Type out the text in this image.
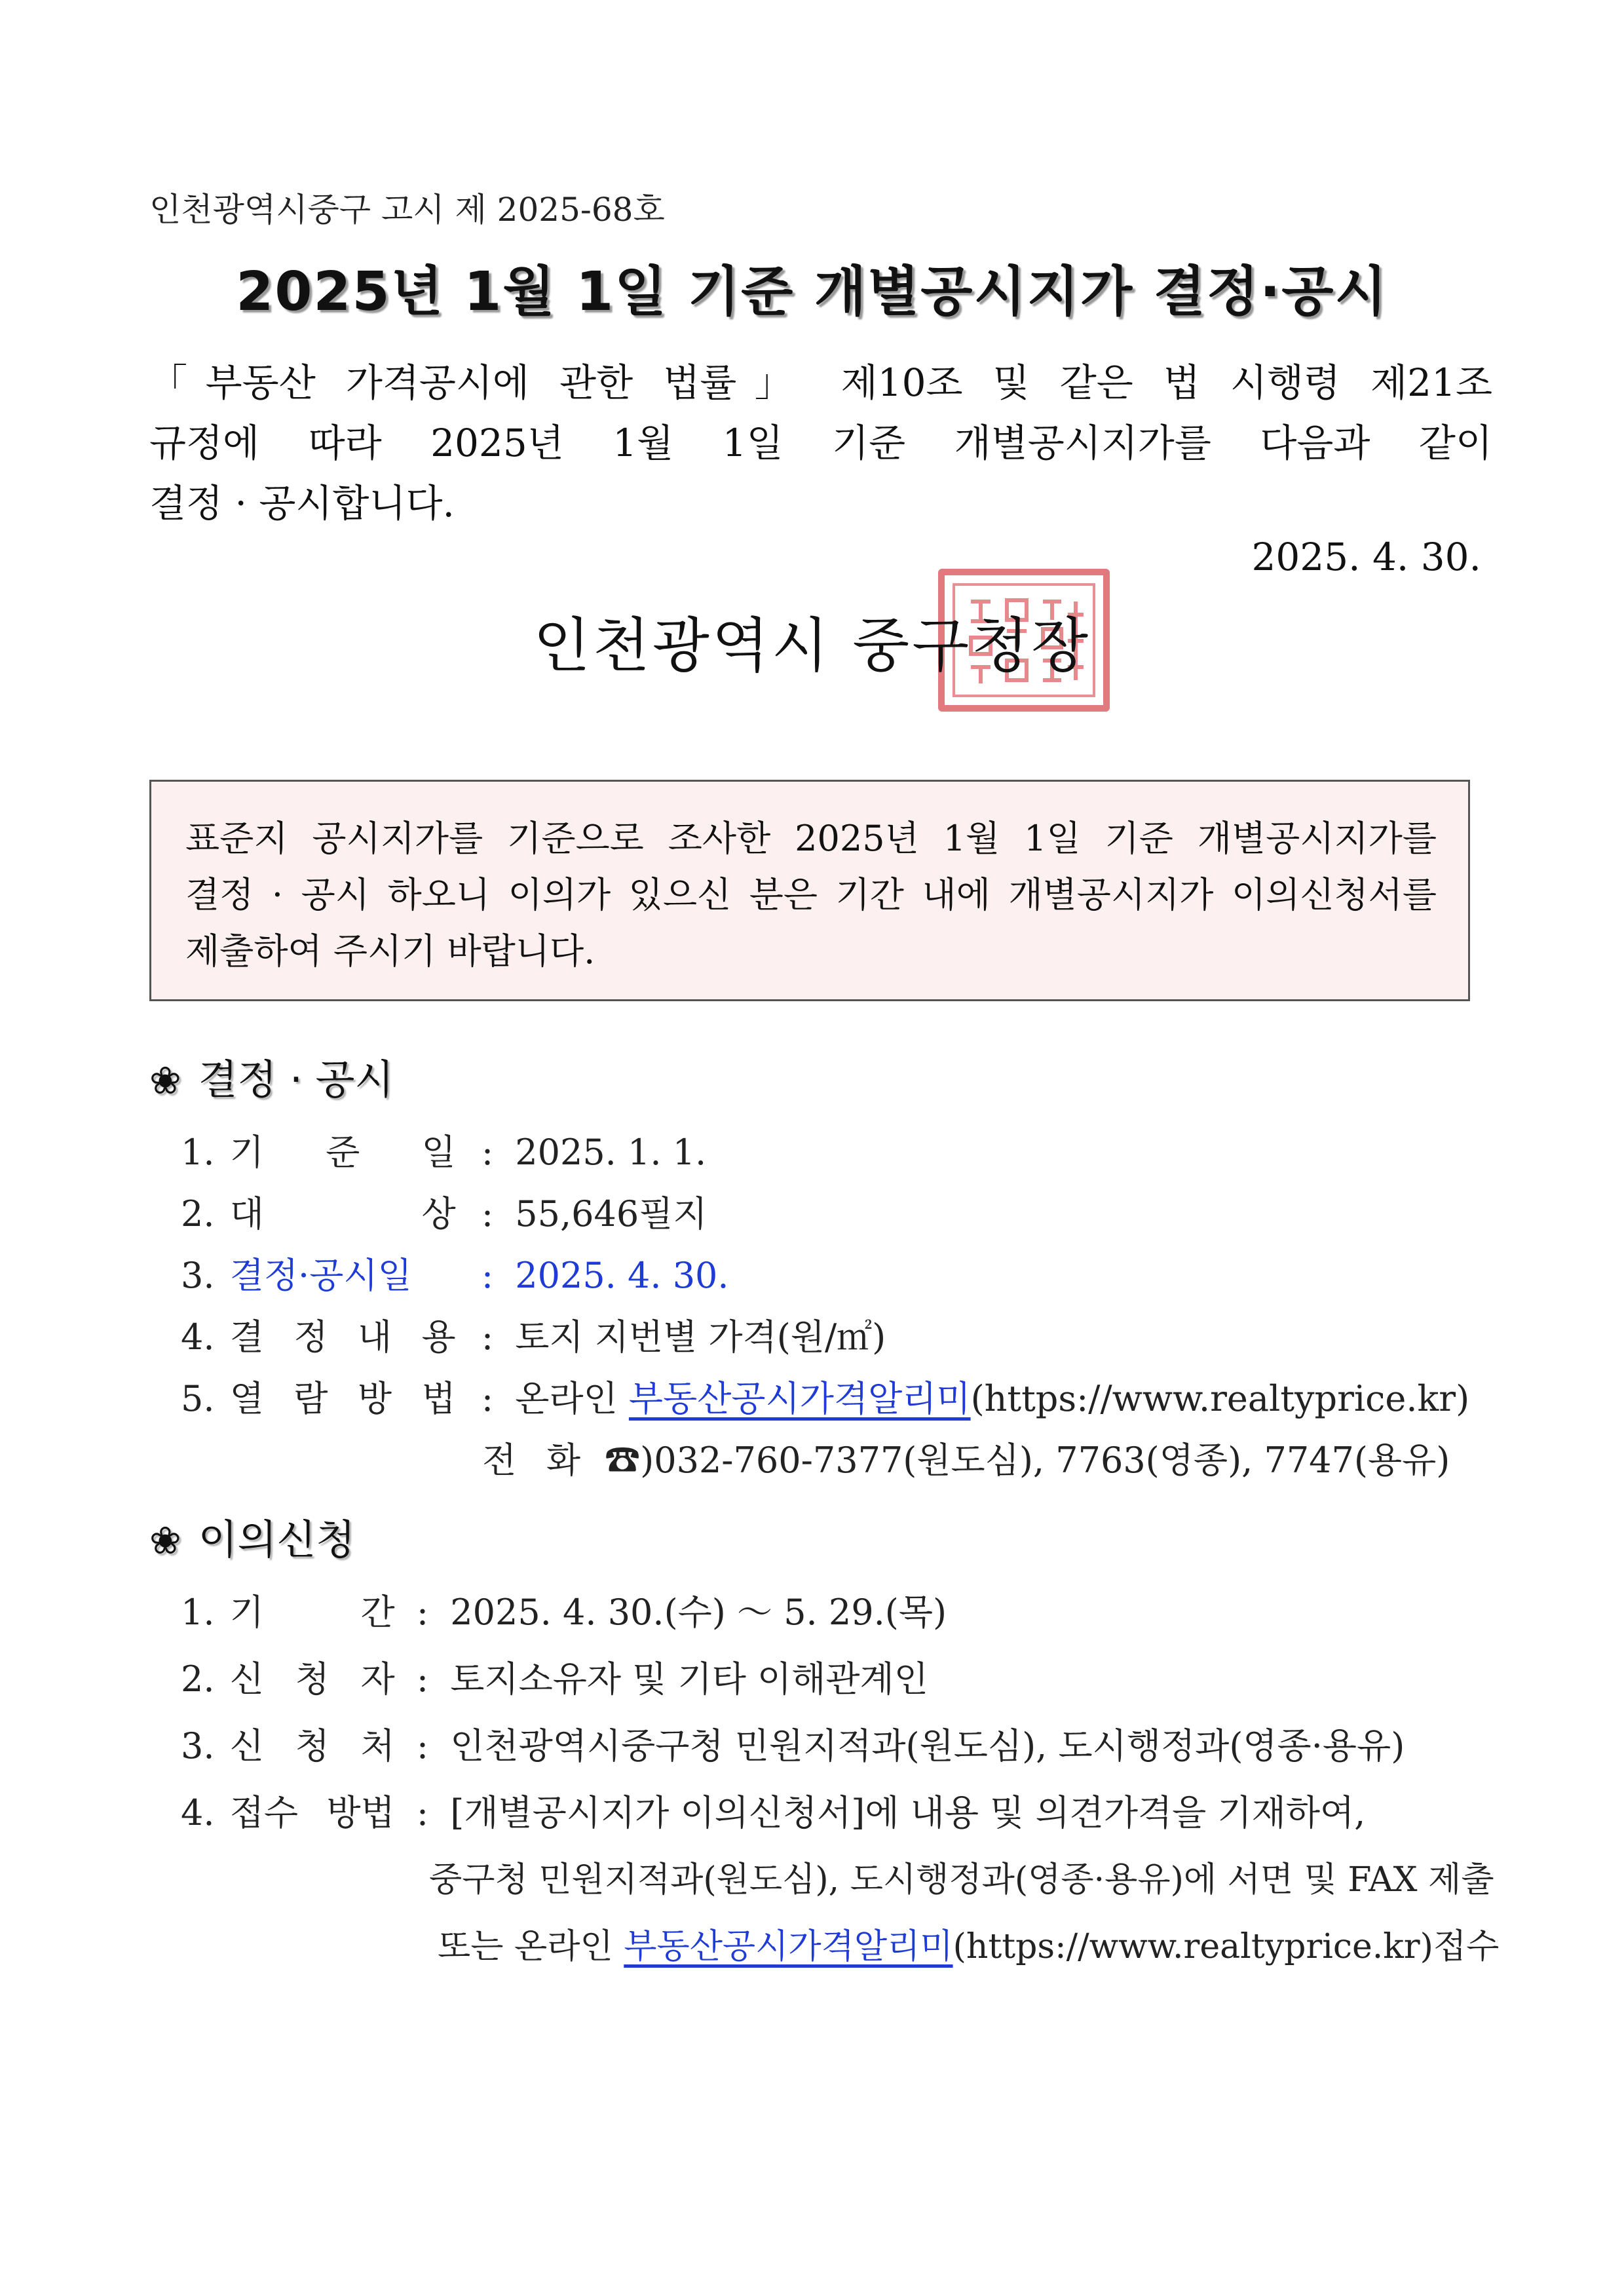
인천광역시중구 고시 제 2025-68호
2025년 1월 1일 기준 개별공시지가 결정·공시
「부동산 가격공시에 관한 법률」 제10조 및 같은 법 시행령 제21조
규정에 따라 2025년 1월 1일 기준 개별공시지가를 다음과 같이
결정 · 공시합니다.
2025. 4. 30.
인천광역시 중구청장
표준지 공시지가를 기준으로 조사한 2025년 1월 1일 기준 개별공시지가를
결정 · 공시 하오니 이의가 있으신 분은 기간 내에 개별공시지가 이의신청서를
제출하여 주시기 바랍니다.
❀ 결정 · 공시
1. 기 준 일 : 2025. 1. 1.
2. 대 상 : 55,646필지
3. 결정·공시일 : 2025. 4. 30.
4. 결 정 내 용 : 토지 지번별 가격(원/㎡)
5. 열 람 방 법 : 온라인 부동산공시가격알리미(https://www.realtyprice.kr)
전 화 ☎)032-760-7377(원도심), 7763(영종), 7747(용유)
❀ 이의신청
1. 기 간 : 2025. 4. 30.(수) ～ 5. 29.(목)
2. 신 청 자 : 토지소유자 및 기타 이해관계인
3. 신 청 처 : 인천광역시중구청 민원지적과(원도심), 도시행정과(영종·용유)
4. 접수 방법 : [개별공시지가 이의신청서]에 내용 및 의견가격을 기재하여,
중구청 민원지적과(원도심), 도시행정과(영종·용유)에 서면 및 FAX 제출
또는 온라인 부동산공시가격알리미(https://www.realtyprice.kr)접수
